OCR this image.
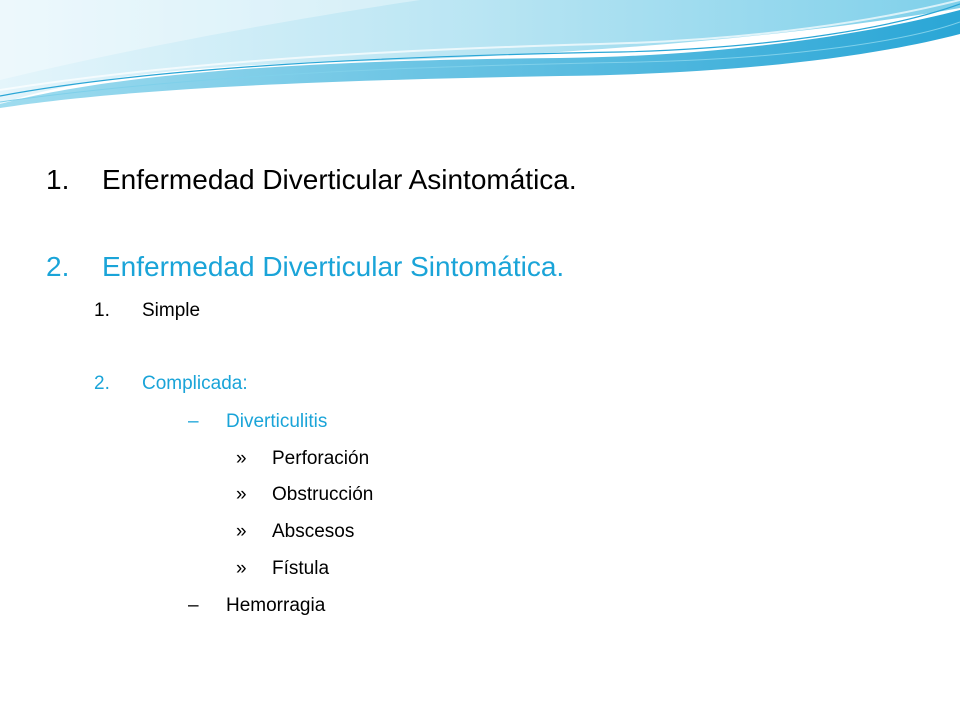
1. Enfermedad Diverticular Asintomática.
2. Enfermedad Diverticular Sintomática.
1. Simple
2. Complicada:
– Diverticulitis
» Perforación
» Obstrucción
» Abscesos
» Fístula
– Hemorragia
